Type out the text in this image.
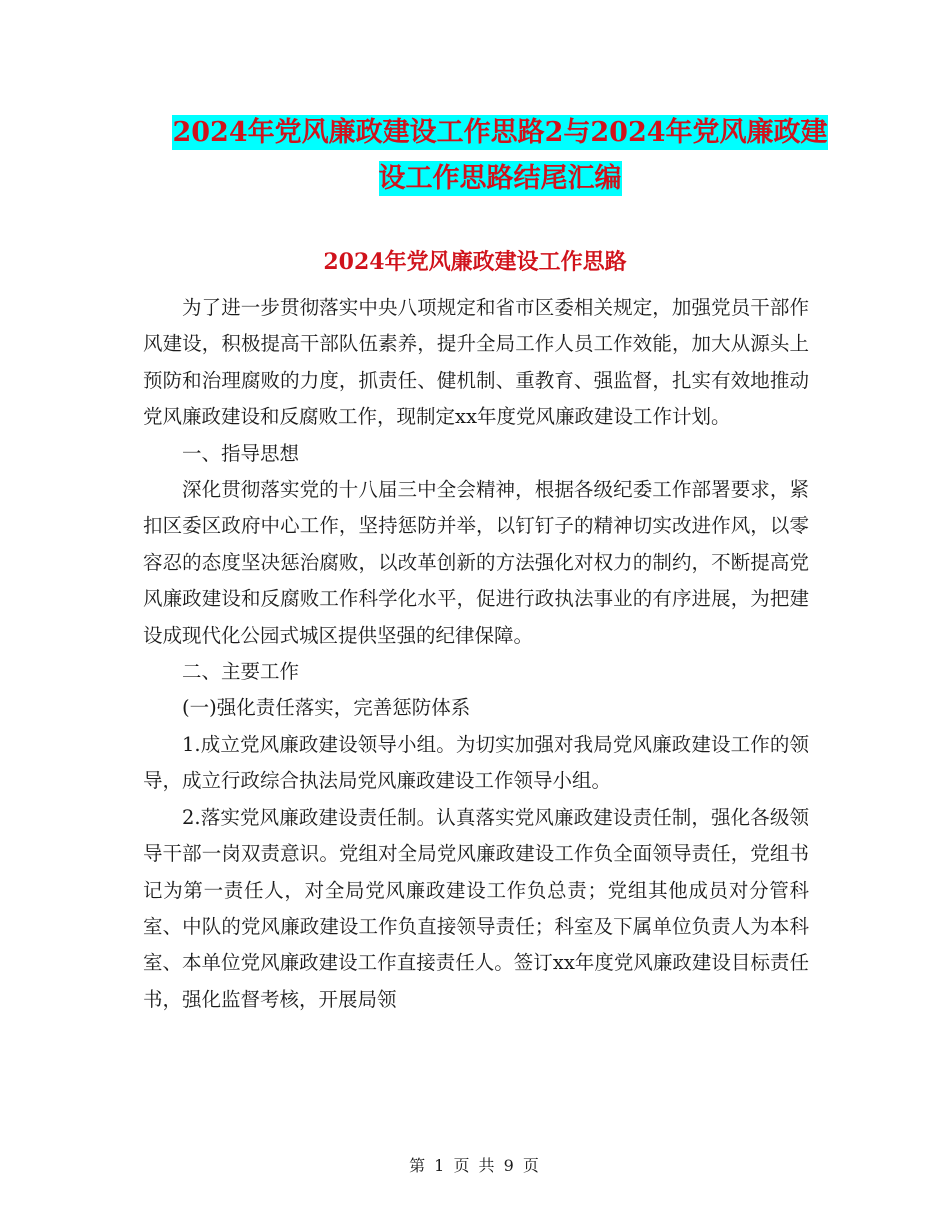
2024年党风廉政建设工作思路2与2024年党风廉政建
设工作思路结尾汇编
2024年党风廉政建设工作思路

为了进一步贯彻落实中央八项规定和省市区委相关规定，加强党员干部作风建设，积极提高干部队伍素养，提升全局工作人员工作效能，加大从源头上预防和治理腐败的力度，抓责任、健机制、重教育、强监督，扎实有效地推动党风廉政建设和反腐败工作，现制定xx年度党风廉政建设工作计划。

一、指导思想

深化贯彻落实党的十八届三中全会精神，根据各级纪委工作部署要求，紧扣区委区政府中心工作，坚持惩防并举，以钉钉子的精神切实改进作风，以零容忍的态度坚决惩治腐败，以改革创新的方法强化对权力的制约，不断提高党风廉政建设和反腐败工作科学化水平，促进行政执法事业的有序进展，为把建设成现代化公园式城区提供坚强的纪律保障。

二、主要工作

(一)强化责任落实，完善惩防体系

1.成立党风廉政建设领导小组。为切实加强对我局党风廉政建设工作的领导，成立行政综合执法局党风廉政建设工作领导小组。

2.落实党风廉政建设责任制。认真落实党风廉政建设责任制，强化各级领导干部一岗双责意识。党组对全局党风廉政建设工作负全面领导责任，党组书记为第一责任人，对全局党风廉政建设工作负总责；党组其他成员对分管科室、中队的党风廉政建设工作负直接领导责任；科室及下属单位负责人为本科室、本单位党风廉政建设工作直接责任人。签订xx年度党风廉政建设目标责任书，强化监督考核，开展局领

第 1 页 共 9 页
